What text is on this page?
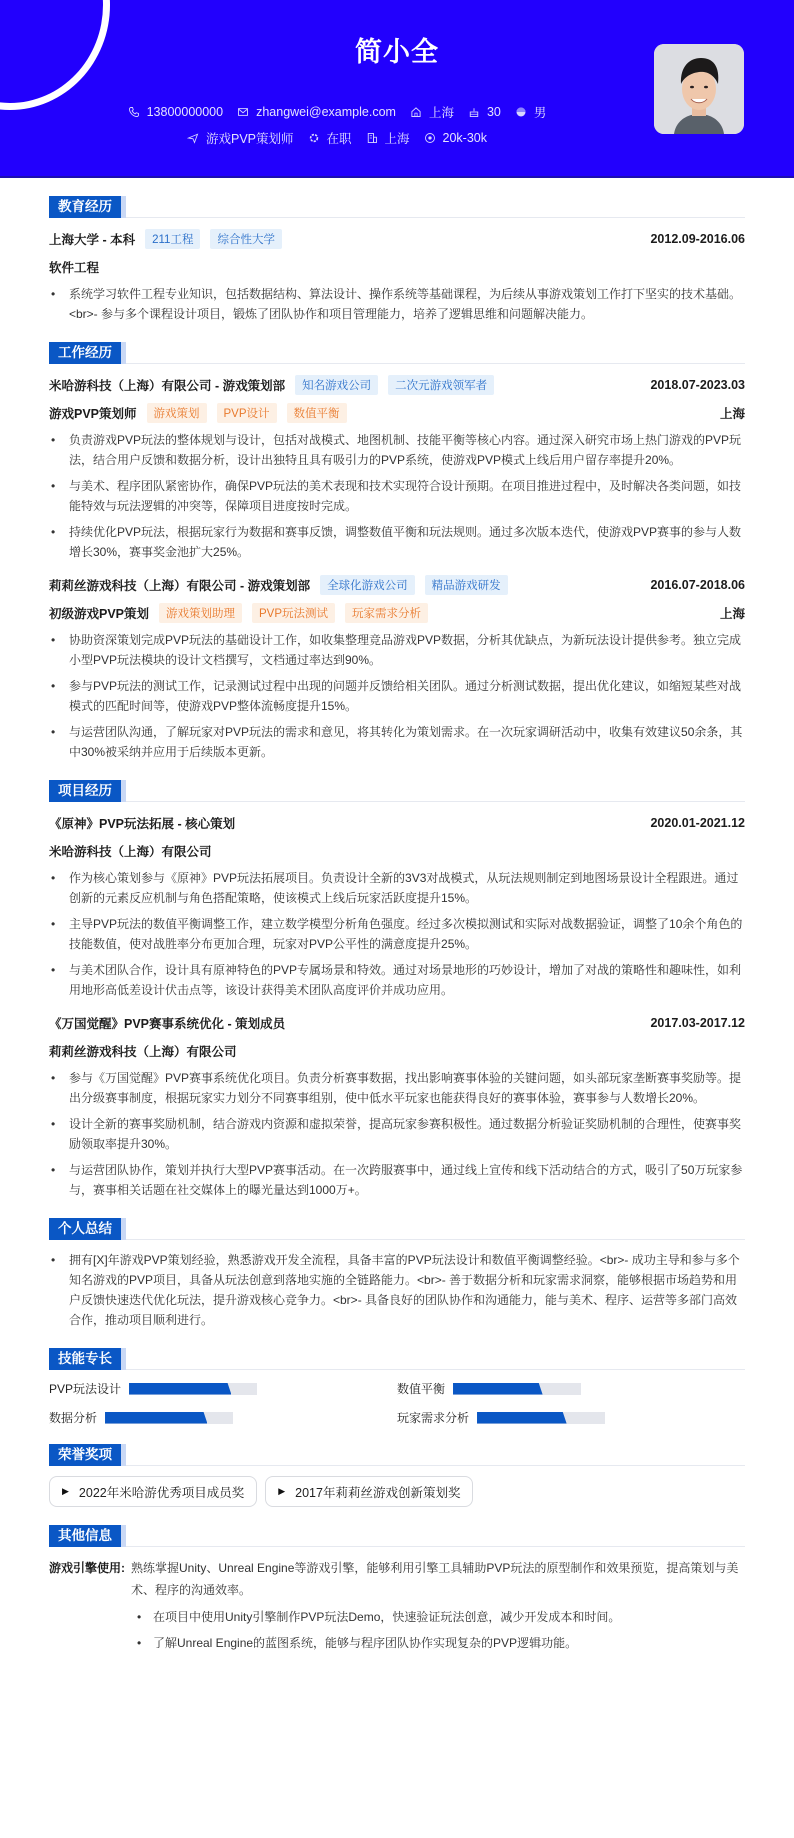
简小全
13800000000	zhangwei@example.com	上海	30	男
游戏PVP策划师	在职	上海	20k-30k
教育经历
上海大学 - 本科	211工程	综合性大学	2012.09-2016.06
软件工程
• 系统学习软件工程专业知识，包括数据结构、算法设计、操作系统等基础课程，为后续从事游戏策划工作打下坚实的技术基础。<br>- 参与多个课程设计项目，锻炼了团队协作和项目管理能力，培养了逻辑思维和问题解决能力。
工作经历
米哈游科技（上海）有限公司 - 游戏策划部	知名游戏公司	二次元游戏领军者	2018.07-2023.03
游戏PVP策划师	游戏策划	PVP设计	数值平衡	上海
• 负责游戏PVP玩法的整体规划与设计，包括对战模式、地图机制、技能平衡等核心内容。通过深入研究市场上热门游戏的PVP玩法，结合用户反馈和数据分析，设计出独特且具有吸引力的PVP系统，使游戏PVP模式上线后用户留存率提升20%。
• 与美术、程序团队紧密协作，确保PVP玩法的美术表现和技术实现符合设计预期。在项目推进过程中，及时解决各类问题，如技能特效与玩法逻辑的冲突等，保障项目进度按时完成。
• 持续优化PVP玩法，根据玩家行为数据和赛事反馈，调整数值平衡和玩法规则。通过多次版本迭代，使游戏PVP赛事的参与人数增长30%，赛事奖金池扩大25%。
莉莉丝游戏科技（上海）有限公司 - 游戏策划部	全球化游戏公司	精品游戏研发	2016.07-2018.06
初级游戏PVP策划	游戏策划助理	PVP玩法测试	玩家需求分析	上海
• 协助资深策划完成PVP玩法的基础设计工作，如收集整理竞品游戏PVP数据，分析其优缺点，为新玩法设计提供参考。独立完成小型PVP玩法模块的设计文档撰写，文档通过率达到90%。
• 参与PVP玩法的测试工作，记录测试过程中出现的问题并反馈给相关团队。通过分析测试数据，提出优化建议，如缩短某些对战模式的匹配时间等，使游戏PVP整体流畅度提升15%。
• 与运营团队沟通，了解玩家对PVP玩法的需求和意见，将其转化为策划需求。在一次玩家调研活动中，收集有效建议50余条，其中30%被采纳并应用于后续版本更新。
项目经历
《原神》PVP玩法拓展 - 核心策划	2020.01-2021.12
米哈游科技（上海）有限公司
• 作为核心策划参与《原神》PVP玩法拓展项目。负责设计全新的3V3对战模式，从玩法规则制定到地图场景设计全程跟进。通过创新的元素反应机制与角色搭配策略，使该模式上线后玩家活跃度提升15%。
• 主导PVP玩法的数值平衡调整工作，建立数学模型分析角色强度。经过多次模拟测试和实际对战数据验证，调整了10余个角色的技能数值，使对战胜率分布更加合理，玩家对PVP公平性的满意度提升25%。
• 与美术团队合作，设计具有原神特色的PVP专属场景和特效。通过对场景地形的巧妙设计，增加了对战的策略性和趣味性，如利用地形高低差设计伏击点等，该设计获得美术团队高度评价并成功应用。
《万国觉醒》PVP赛事系统优化 - 策划成员	2017.03-2017.12
莉莉丝游戏科技（上海）有限公司
• 参与《万国觉醒》PVP赛事系统优化项目。负责分析赛事数据，找出影响赛事体验的关键问题，如头部玩家垄断赛事奖励等。提出分级赛事制度，根据玩家实力划分不同赛事组别，使中低水平玩家也能获得良好的赛事体验，赛事参与人数增长20%。
• 设计全新的赛事奖励机制，结合游戏内资源和虚拟荣誉，提高玩家参赛积极性。通过数据分析验证奖励机制的合理性，使赛事奖励领取率提升30%。
• 与运营团队协作，策划并执行大型PVP赛事活动。在一次跨服赛事中，通过线上宣传和线下活动结合的方式，吸引了50万玩家参与，赛事相关话题在社交媒体上的曝光量达到1000万+。
个人总结
• 拥有[X]年游戏PVP策划经验，熟悉游戏开发全流程，具备丰富的PVP玩法设计和数值平衡调整经验。<br>- 成功主导和参与多个知名游戏的PVP项目，具备从玩法创意到落地实施的全链路能力。<br>- 善于数据分析和玩家需求洞察，能够根据市场趋势和用户反馈快速迭代优化玩法，提升游戏核心竞争力。<br>- 具备良好的团队协作和沟通能力，能与美术、程序、运营等多部门高效合作，推动项目顺利进行。
技能专长
PVP玩法设计	数值平衡
数据分析	玩家需求分析
荣誉奖项
▶ 2022年米哈游优秀项目成员奖	▶ 2017年莉莉丝游戏创新策划奖
其他信息
游戏引擎使用: 熟练掌握Unity、Unreal Engine等游戏引擎，能够利用引擎工具辅助PVP玩法的原型制作和效果预览，提高策划与美术、程序的沟通效率。
• 在项目中使用Unity引擎制作PVP玩法Demo，快速验证玩法创意，减少开发成本和时间。
• 了解Unreal Engine的蓝图系统，能够与程序团队协作实现复杂的PVP逻辑功能。
